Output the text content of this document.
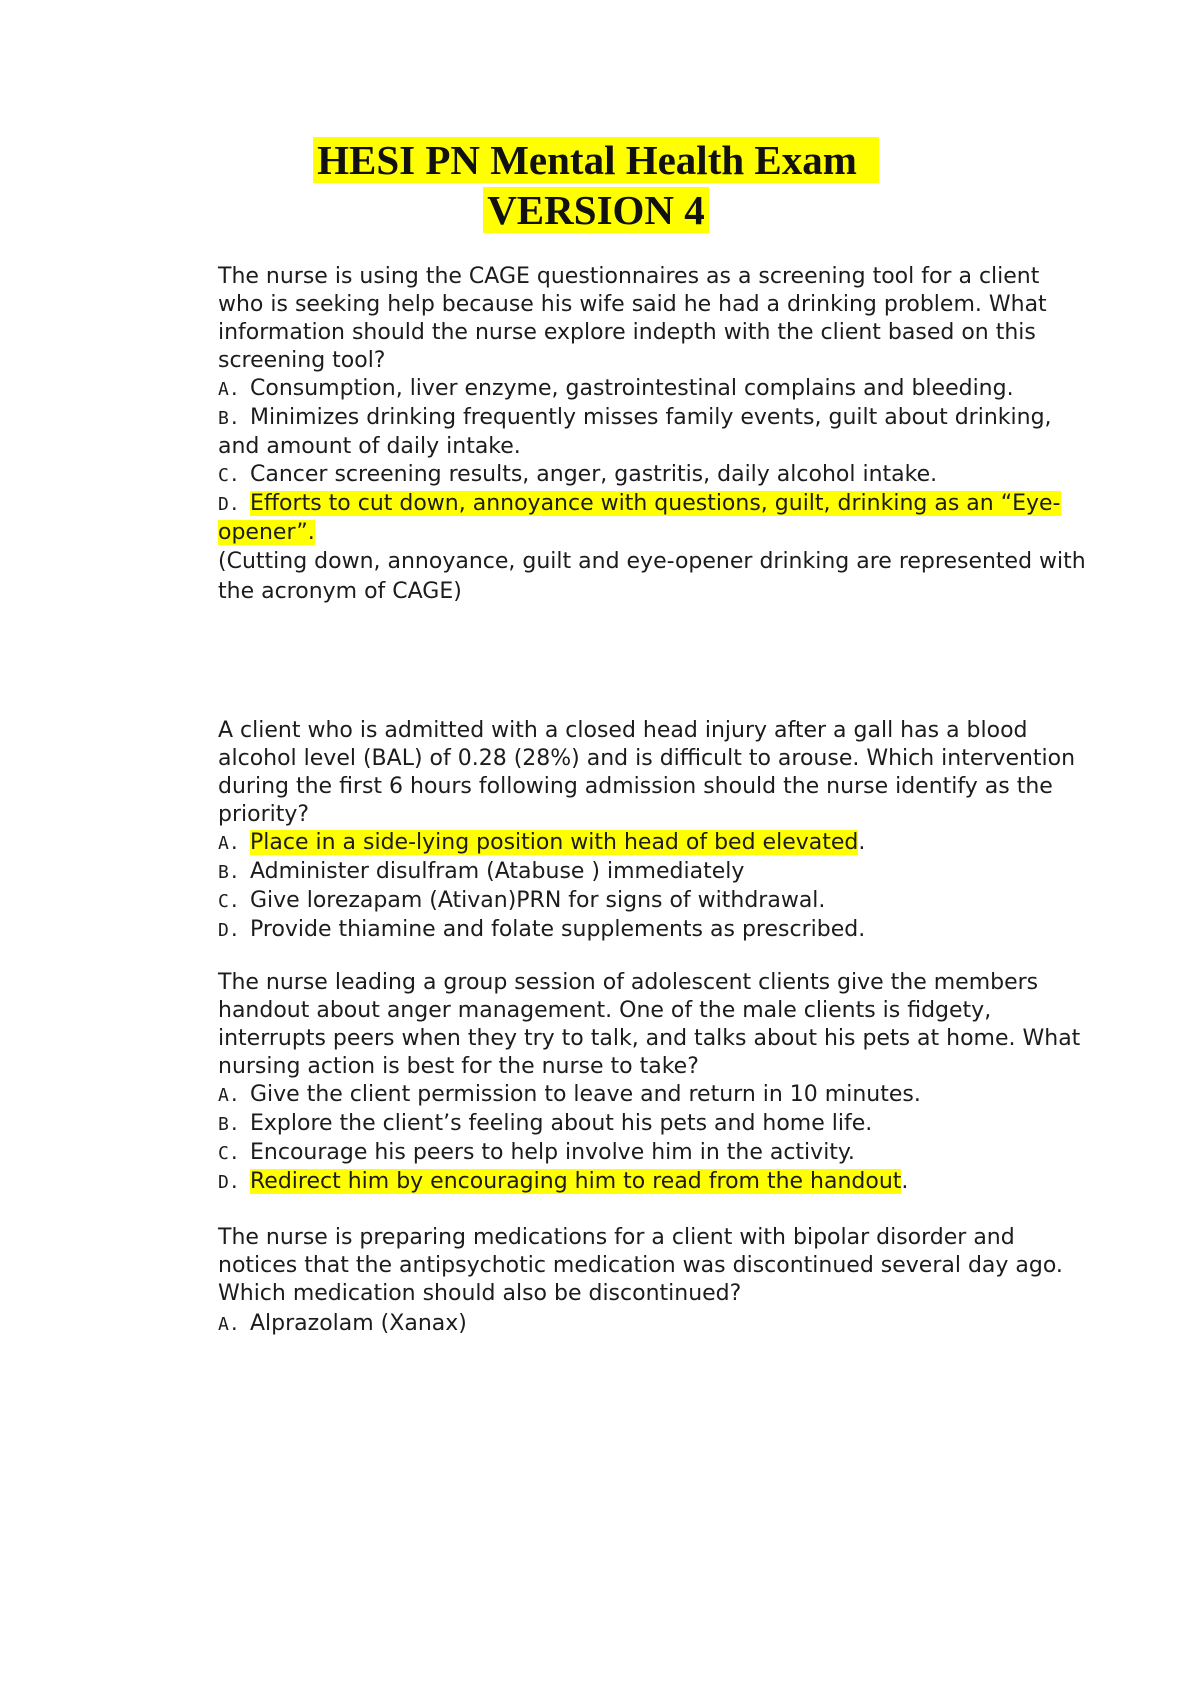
HESI PN Mental Health Exam
VERSION 4

The nurse is using the CAGE questionnaires as a screening tool for a client who is seeking help because his wife said he had a drinking problem. What information should the nurse explore indepth with the client based on this screening tool?

A. Consumption, liver enzyme, gastrointestinal complains and bleeding.

B. Minimizes drinking frequently misses family events, guilt about drinking, and amount of daily intake.

C. Cancer screening results, anger, gastritis, daily alcohol intake.

D. Efforts to cut down, annoyance with questions, guilt, drinking as an “Eye-opener”.

(Cutting down, annoyance, guilt and eye-opener drinking are represented with the acronym of CAGE)

A client who is admitted with a closed head injury after a gall has a blood alcohol level (BAL) of 0.28 (28%) and is difficult to arouse. Which intervention during the first 6 hours following admission should the nurse identify as the priority?

A. Place in a side-lying position with head of bed elevated.

B. Administer disulfram (Atabuse ) immediately

C. Give lorezapam (Ativan)PRN for signs of withdrawal.

D. Provide thiamine and folate supplements as prescribed.

The nurse leading a group session of adolescent clients give the members handout about anger management. One of the male clients is fidgety, interrupts peers when they try to talk, and talks about his pets at home. What nursing action is best for the nurse to take?

A. Give the client permission to leave and return in 10 minutes.

B. Explore the client’s feeling about his pets and home life.

C. Encourage his peers to help involve him in the activity.

D. Redirect him by encouraging him to read from the handout.

The nurse is preparing medications for a client with bipolar disorder and notices that the antipsychotic medication was discontinued several day ago. Which medication should also be discontinued?

A. Alprazolam (Xanax)
